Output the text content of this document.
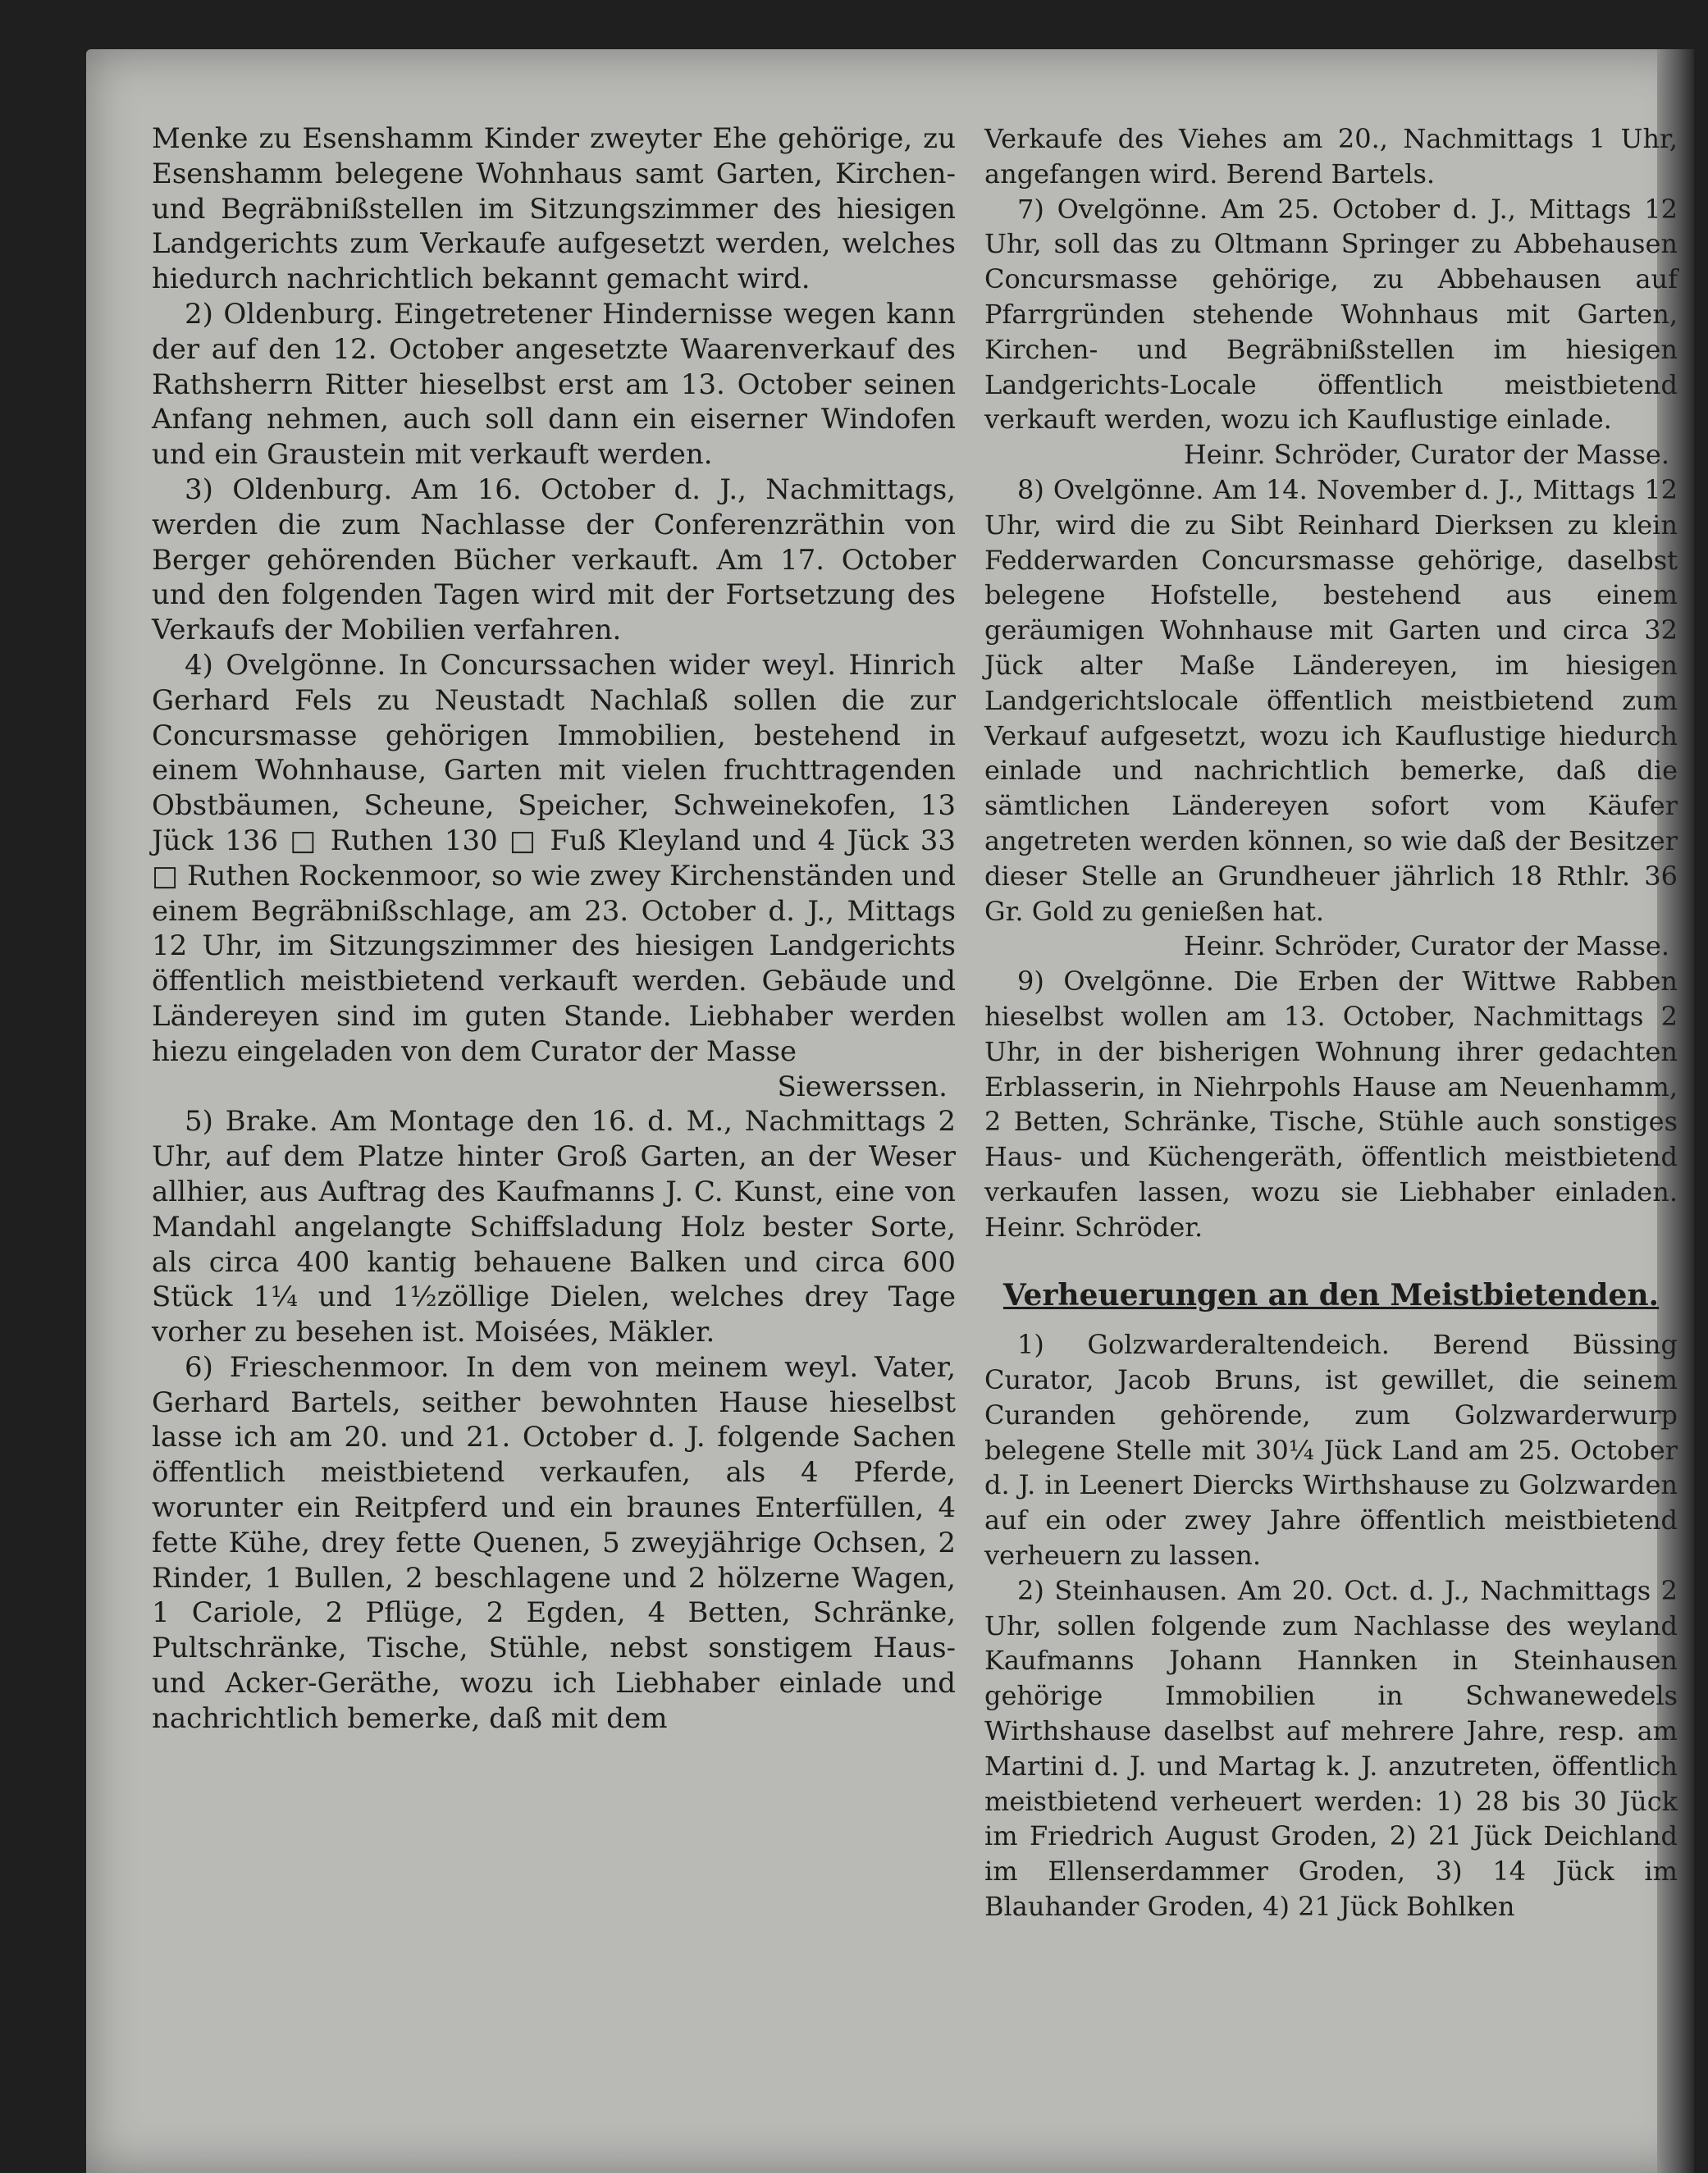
Menke zu Esenshamm Kinder zweyter Ehe gehörige, zu Esenshamm belegene Wohnhaus samt Garten, Kirchen- und Begräbnißstellen im Sitzungszimmer des hiesigen Landgerichts zum Verkaufe aufgesetzt werden, welches hiedurch nachrichtlich bekannt gemacht wird.

2) Oldenburg. Eingetretener Hindernisse wegen kann der auf den 12. October angesetzte Waarenverkauf des Rathsherrn Ritter hieselbst erst am 13. October seinen Anfang nehmen, auch soll dann ein eiserner Windofen und ein Graustein mit verkauft werden.

3) Oldenburg. Am 16. October d. J., Nachmittags, werden die zum Nachlasse der Conferenzräthin von Berger gehörenden Bücher verkauft. Am 17. October und den folgenden Tagen wird mit der Fortsetzung des Verkaufs der Mobilien verfahren.

4) Ovelgönne. In Concurssachen wider weyl. Hinrich Gerhard Fels zu Neustadt Nachlaß sollen die zur Concursmasse gehörigen Immobilien, bestehend in einem Wohnhause, Garten mit vielen fruchttragenden Obstbäumen, Scheune, Speicher, Schweinekofen, 13 Jück 136 □ Ruthen 130 □ Fuß Kleyland und 4 Jück 33 □ Ruthen Rockenmoor, so wie zwey Kirchenständen und einem Begräbnißschlage, am 23. October d. J., Mittags 12 Uhr, im Sitzungszimmer des hiesigen Landgerichts öffentlich meistbietend verkauft werden. Gebäude und Ländereyen sind im guten Stande. Liebhaber werden hiezu eingeladen von dem Curator der Masse

Siewerssen.

5) Brake. Am Montage den 16. d. M., Nachmittags 2 Uhr, auf dem Platze hinter Groß Garten, an der Weser allhier, aus Auftrag des Kaufmanns J. C. Kunst, eine von Mandahl angelangte Schiffsladung Holz bester Sorte, als circa 400 kantig behauene Balken und circa 600 Stück 1¼ und 1½zöllige Dielen, welches drey Tage vorher zu besehen ist. Moisées, Mäkler.

6) Frieschenmoor. In dem von meinem weyl. Vater, Gerhard Bartels, seither bewohnten Hause hieselbst lasse ich am 20. und 21. October d. J. folgende Sachen öffentlich meistbietend verkaufen, als 4 Pferde, worunter ein Reitpferd und ein braunes Enterfüllen, 4 fette Kühe, drey fette Quenen, 5 zweyjährige Ochsen, 2 Rinder, 1 Bullen, 2 beschlagene und 2 hölzerne Wagen, 1 Cariole, 2 Pflüge, 2 Egden, 4 Betten, Schränke, Pultschränke, Tische, Stühle, nebst sonstigem Haus- und Acker-Geräthe, wozu ich Liebhaber einlade und nachrichtlich bemerke, daß mit dem

Verkaufe des Viehes am 20., Nachmittags 1 Uhr, angefangen wird. Berend Bartels.

7) Ovelgönne. Am 25. October d. J., Mittags 12 Uhr, soll das zu Oltmann Springer zu Abbehausen Concursmasse gehörige, zu Abbehausen auf Pfarrgründen stehende Wohnhaus mit Garten, Kirchen- und Begräbnißstellen im hiesigen Landgerichts-Locale öffentlich meistbietend verkauft werden, wozu ich Kauflustige einlade.

Heinr. Schröder, Curator der Masse.

8) Ovelgönne. Am 14. November d. J., Mittags 12 Uhr, wird die zu Sibt Reinhard Dierksen zu klein Fedderwarden Concursmasse gehörige, daselbst belegene Hofstelle, bestehend aus einem geräumigen Wohnhause mit Garten und circa 32 Jück alter Maße Ländereyen, im hiesigen Landgerichtslocale öffentlich meistbietend zum Verkauf aufgesetzt, wozu ich Kauflustige hiedurch einlade und nachrichtlich bemerke, daß die sämtlichen Ländereyen sofort vom Käufer angetreten werden können, so wie daß der Besitzer dieser Stelle an Grundheuer jährlich 18 Rthlr. 36 Gr. Gold zu genießen hat.

Heinr. Schröder, Curator der Masse.

9) Ovelgönne. Die Erben der Wittwe Rabben hieselbst wollen am 13. October, Nachmittags 2 Uhr, in der bisherigen Wohnung ihrer gedachten Erblasserin, in Niehrpohls Hause am Neuenhamm, 2 Betten, Schränke, Tische, Stühle auch sonstiges Haus- und Küchengeräth, öffentlich meistbietend verkaufen lassen, wozu sie Liebhaber einladen. Heinr. Schröder.

Verheuerungen an den Meistbietenden.

1) Golzwarderaltendeich. Berend Büssing Curator, Jacob Bruns, ist gewillet, die seinem Curanden gehörende, zum Golzwarderwurp belegene Stelle mit 30¼ Jück Land am 25. October d. J. in Leenert Diercks Wirthshause zu Golzwarden auf ein oder zwey Jahre öffentlich meistbietend verheuern zu lassen.

2) Steinhausen. Am 20. Oct. d. J., Nachmittags 2 Uhr, sollen folgende zum Nachlasse des weyland Kaufmanns Johann Hannken in Steinhausen gehörige Immobilien in Schwanewedels Wirthshause daselbst auf mehrere Jahre, resp. am Martini d. J. und Martag k. J. anzutreten, öffentlich meistbietend verheuert werden: 1) 28 bis 30 Jück im Friedrich August Groden, 2) 21 Jück Deichland im Ellenserdammer Groden, 3) 14 Jück im Blauhander Groden, 4) 21 Jück Bohlken
